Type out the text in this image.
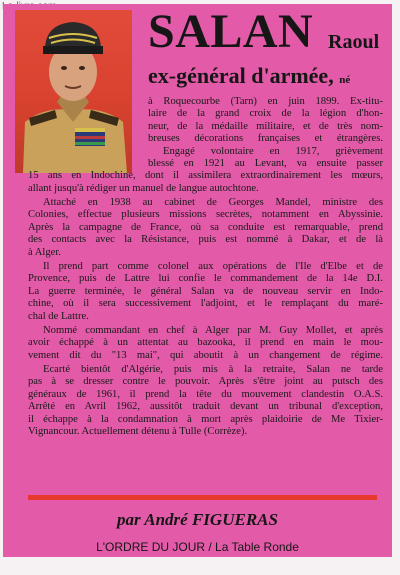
SALAN Raoul
ex-général d'armée, né
à Roquecourbe (Tarn) en juin 1899. Ex-titu-
laire de la grand croix de la légion d'hon-
neur, de la médaille militaire, et de très nom-
breuses décorations françaises et étrangères.
Engagé volontaire en 1917, grièvement
blessé en 1921 au Levant, va ensuite passer
15 ans en Indochine, dont il assimilera extraordinairement les mœurs,
allant jusqu'à rédiger un manuel de langue autochtone.
Attaché en 1938 au cabinet de Georges Mandel, ministre des
Colonies, effectue plusieurs missions secrètes, notamment en Abyssinie.
Après la campagne de France, où sa conduite est remarquable, prend
des contacts avec la Résistance, puis est nommé à Dakar, et de là
à Alger.
Il prend part comme colonel aux opérations de l'Ile d'Elbe et de
Provence, puis de Lattre lui confie le commandement de la 14e D.I.
La guerre terminée, le général Salan va de nouveau servir en Indo-
chine, où il sera successivement l'adjoint, et le remplaçant du maré-
chal de Lattre.
Nommé commandant en chef à Alger par M. Guy Mollet, et après
avoir échappé à un attentat au bazooka, il prend en main le mou-
vement dit du "13 mai", qui aboutit à un changement de régime.
Ecarté bientôt d'Algérie, puis mis à la retraite, Salan ne tarde
pas à se dresser contre le pouvoir. Après s'être joint au putsch des
généraux de 1961, il prend la tête du mouvement clandestin O.A.S.
Arrêté en Avril 1962, aussitôt traduit devant un tribunal d'exception,
il échappe à la condamnation à mort après plaidoirie de Me Tixier-
Vignancour. Actuellement détenu à Tulle (Corrèze).
par André FIGUERAS
L'ORDRE DU JOUR / La Table Ronde
